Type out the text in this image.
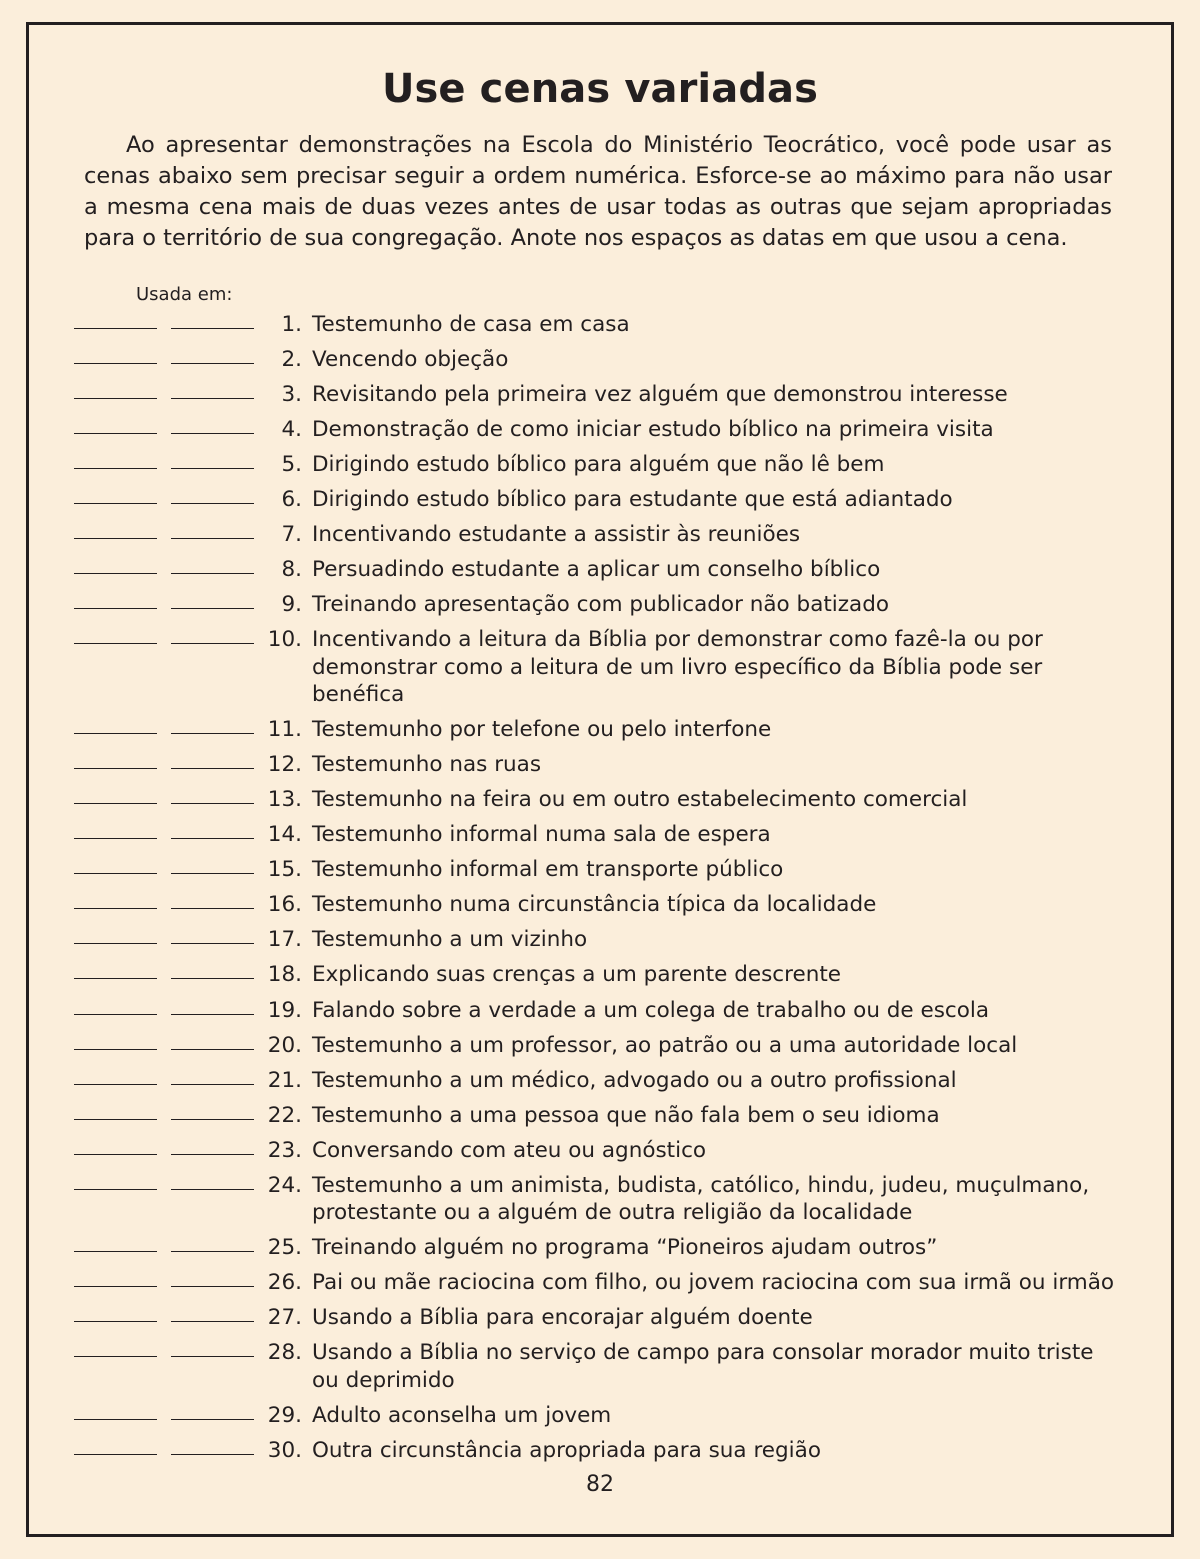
Use cenas variadas

Ao apresentar demonstrações na Escola do Ministério Teocrático, você pode usar as cenas abaixo sem precisar seguir a ordem numérica. Esforce-se ao máximo para não usar a mesma cena mais de duas vezes antes de usar todas as outras que sejam apropriadas para o território de sua congregação. Anote nos espaços as datas em que usou a cena.

Usada em:
1. Testemunho de casa em casa
2. Vencendo objeção
3. Revisitando pela primeira vez alguém que demonstrou interesse
4. Demonstração de como iniciar estudo bíblico na primeira visita
5. Dirigindo estudo bíblico para alguém que não lê bem
6. Dirigindo estudo bíblico para estudante que está adiantado
7. Incentivando estudante a assistir às reuniões
8. Persuadindo estudante a aplicar um conselho bíblico
9. Treinando apresentação com publicador não batizado
10. Incentivando a leitura da Bíblia por demonstrar como fazê-la ou por demonstrar como a leitura de um livro específico da Bíblia pode ser benéfica
11. Testemunho por telefone ou pelo interfone
12. Testemunho nas ruas
13. Testemunho na feira ou em outro estabelecimento comercial
14. Testemunho informal numa sala de espera
15. Testemunho informal em transporte público
16. Testemunho numa circunstância típica da localidade
17. Testemunho a um vizinho
18. Explicando suas crenças a um parente descrente
19. Falando sobre a verdade a um colega de trabalho ou de escola
20. Testemunho a um professor, ao patrão ou a uma autoridade local
21. Testemunho a um médico, advogado ou a outro profissional
22. Testemunho a uma pessoa que não fala bem o seu idioma
23. Conversando com ateu ou agnóstico
24. Testemunho a um animista, budista, católico, hindu, judeu, muçulmano, protestante ou a alguém de outra religião da localidade
25. Treinando alguém no programa “Pioneiros ajudam outros”
26. Pai ou mãe raciocina com filho, ou jovem raciocina com sua irmã ou irmão
27. Usando a Bíblia para encorajar alguém doente
28. Usando a Bíblia no serviço de campo para consolar morador muito triste ou deprimido
29. Adulto aconselha um jovem
30. Outra circunstância apropriada para sua região
82
